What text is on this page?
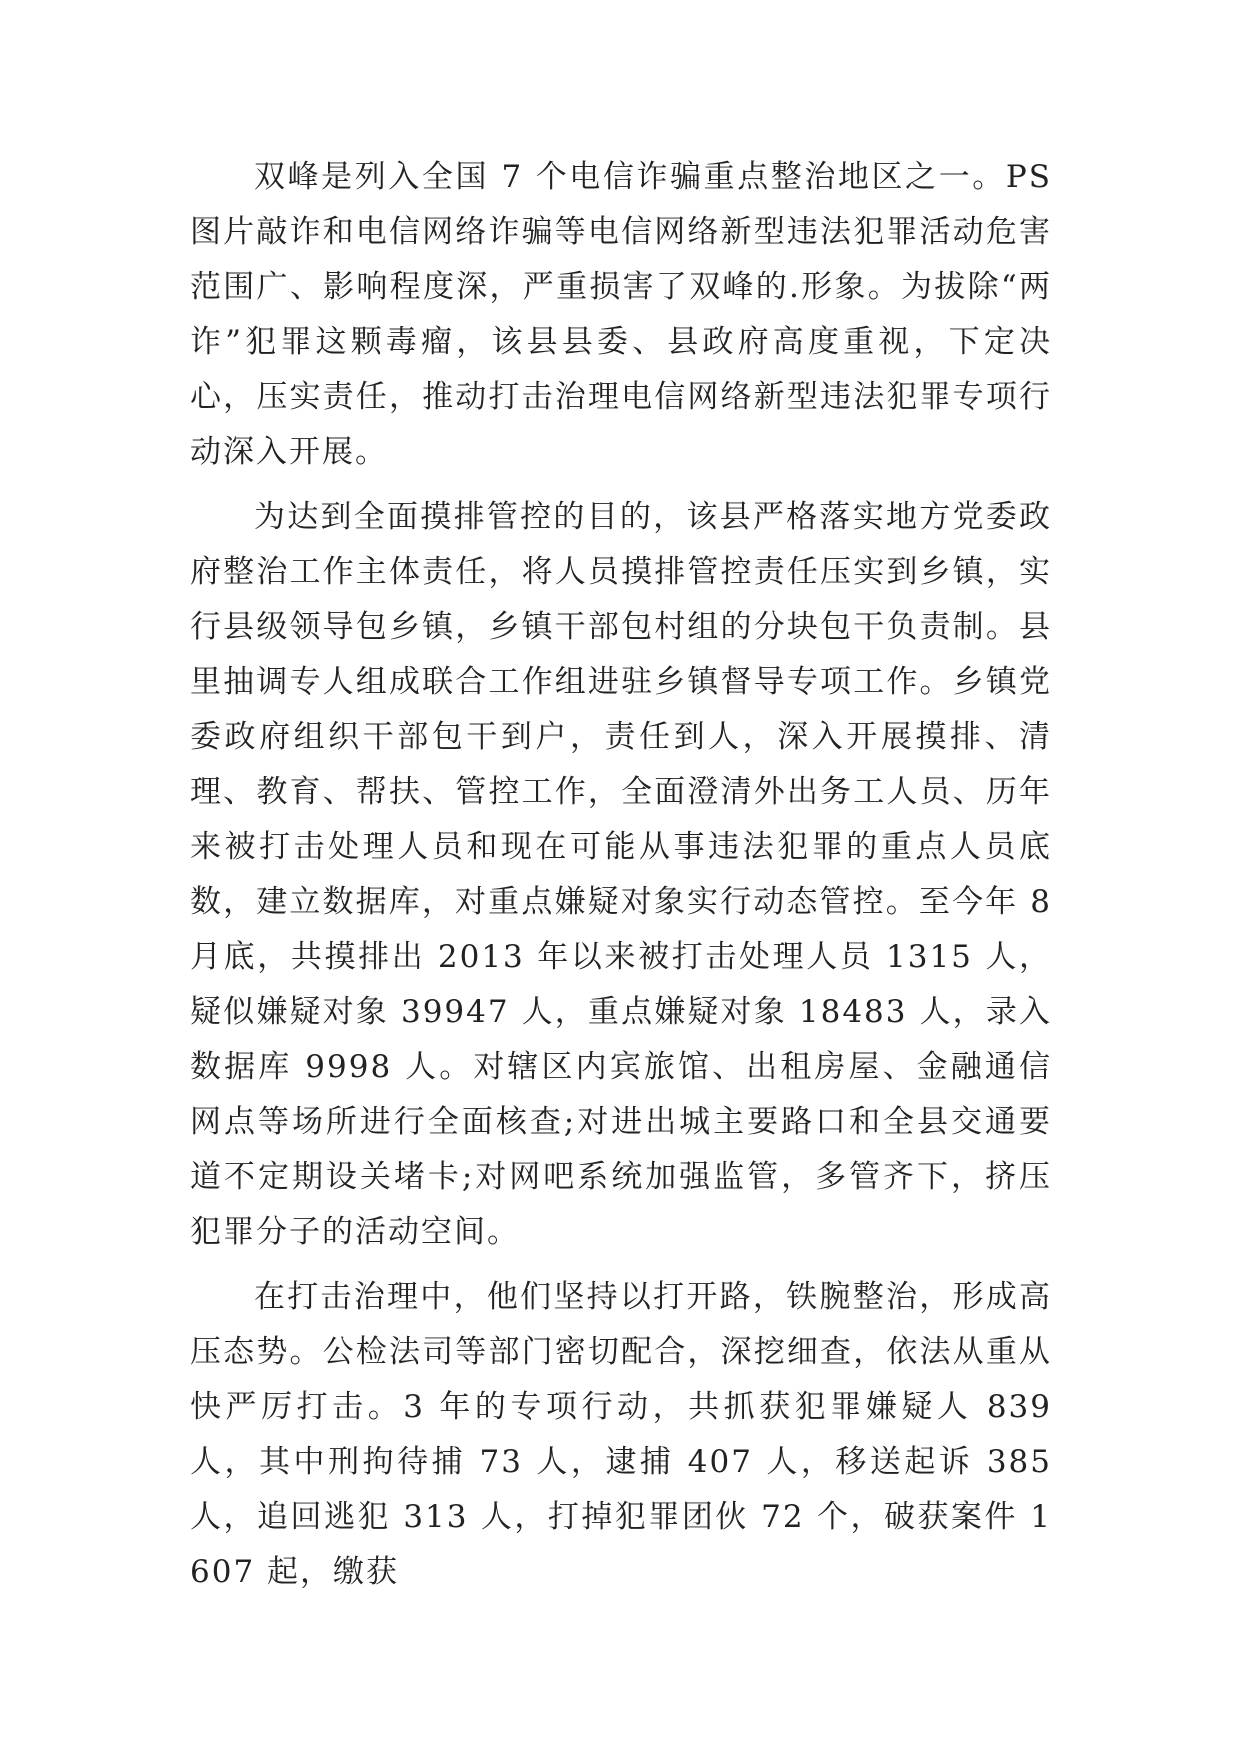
双峰是列入全国 7 个电信诈骗重点整治地区之一。PS 图片敲诈和电信网络诈骗等电信网络新型违法犯罪活动危害范围广、影响程度深，严重损害了双峰的.形象。为拔除“两诈”犯罪这颗毒瘤，该县县委、县政府高度重视，下定决心，压实责任，推动打击治理电信网络新型违法犯罪专项行动深入开展。

为达到全面摸排管控的目的，该县严格落实地方党委政府整治工作主体责任，将人员摸排管控责任压实到乡镇，实行县级领导包乡镇，乡镇干部包村组的分块包干负责制。县里抽调专人组成联合工作组进驻乡镇督导专项工作。乡镇党委政府组织干部包干到户，责任到人，深入开展摸排、清理、教育、帮扶、管控工作，全面澄清外出务工人员、历年来被打击处理人员和现在可能从事违法犯罪的重点人员底数，建立数据库，对重点嫌疑对象实行动态管控。至今年 8 月底，共摸排出 2013 年以来被打击处理人员 1315 人，疑似嫌疑对象 39947 人，重点嫌疑对象 18483 人，录入数据库 9998 人。对辖区内宾旅馆、出租房屋、金融通信网点等场所进行全面核查;对进出城主要路口和全县交通要道不定期设关堵卡;对网吧系统加强监管，多管齐下，挤压犯罪分子的活动空间。

在打击治理中，他们坚持以打开路，铁腕整治，形成高压态势。公检法司等部门密切配合，深挖细查，依法从重从快严厉打击。3 年的专项行动，共抓获犯罪嫌疑人 839 人，其中刑拘待捕 73 人，逮捕 407 人，移送起诉 385 人，追回逃犯 313 人，打掉犯罪团伙 72 个，破获案件 1607 起，缴获
